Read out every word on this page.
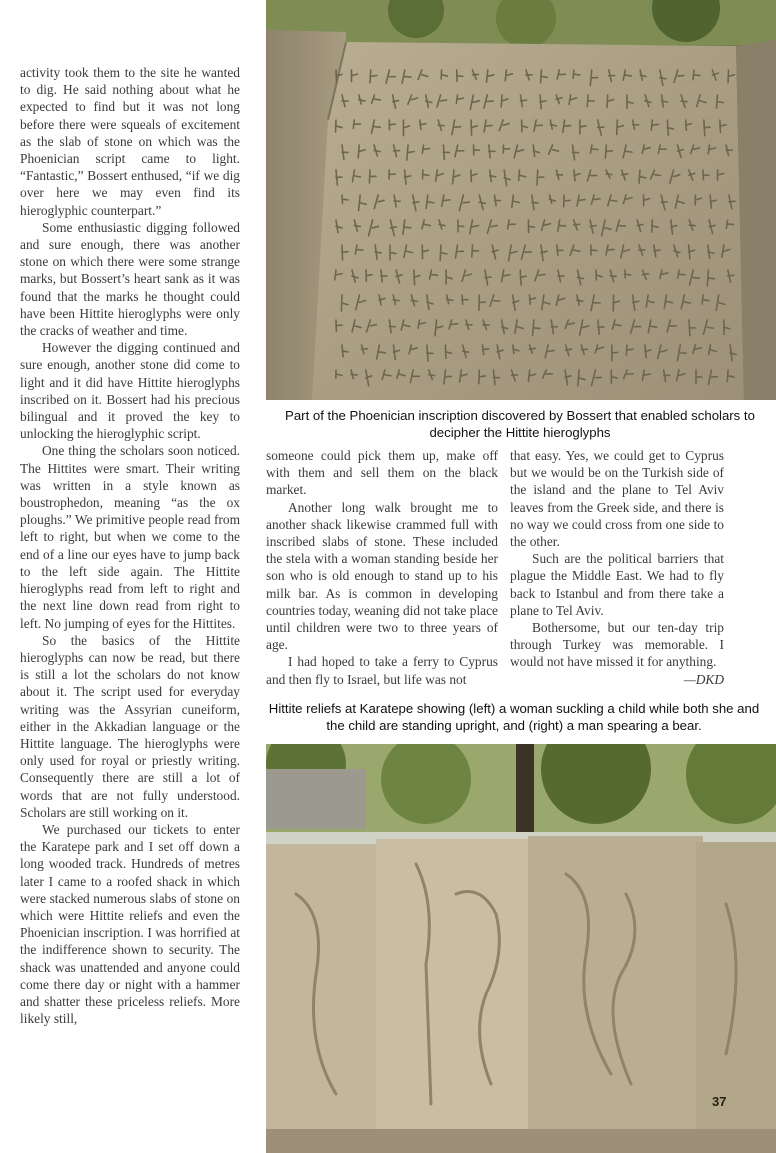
activity took them to the site he wanted to dig. He said nothing about what he expected to find but it was not long before there were squeals of excitement as the slab of stone on which was the Phoenician script came to light. “Fantastic,” Bossert enthused, “if we dig over here we may even find its hieroglyphic counterpart.”

Some enthusiastic digging followed and sure enough, there was another stone on which there were some strange marks, but Bossert’s heart sank as it was found that the marks he thought could have been Hittite hieroglyphs were only the cracks of weather and time.

However the digging continued and sure enough, another stone did come to light and it did have Hittite hieroglyphs inscribed on it. Bossert had his precious bilingual and it proved the key to unlocking the hieroglyphic script.

One thing the scholars soon noticed. The Hittites were smart. Their writing was written in a style known as boustrophedon, meaning “as the ox ploughs.” We primitive people read from left to right, but when we come to the end of a line our eyes have to jump back to the left side again. The Hittite hieroglyphs read from left to right and the next line down read from right to left. No jumping of eyes for the Hittites.

So the basics of the Hittite hieroglyphs can now be read, but there is still a lot the scholars do not know about it. The script used for everyday writing was the Assyrian cuneiform, either in the Akkadian language or the Hittite language. The hieroglyphs were only used for royal or priestly writing. Consequently there are still a lot of words that are not fully understood. Scholars are still working on it.

We purchased our tickets to enter the Karatepe park and I set off down a long wooded track. Hundreds of metres later I came to a roofed shack in which were stacked numerous slabs of stone on which were Hittite reliefs and even the Phoenician inscription. I was horrified at the indifference shown to security. The shack was unattended and anyone could come there day or night with a hammer and shatter these priceless reliefs. More likely still,

Part of the Phoenician inscription discovered by Bossert that enabled scholars to decipher the Hittite hieroglyphs

someone could pick them up, make off with them and sell them on the black market.

Another long walk brought me to another shack likewise crammed full with inscribed slabs of stone. These included the stela with a woman standing beside her son who is old enough to stand up to his milk bar. As is common in developing countries today, weaning did not take place until children were two to three years of age.

I had hoped to take a ferry to Cyprus and then fly to Israel, but life was not

that easy. Yes, we could get to Cyprus but we would be on the Turkish side of the island and the plane to Tel Aviv leaves from the Greek side, and there is no way we could cross from one side to the other.

Such are the political barriers that plague the Middle East. We had to fly back to Istanbul and from there take a plane to Tel Aviv.

Bothersome, but our ten-day trip through Turkey was memorable. I would not have missed it for anything.

—DKD
Hittite reliefs at Karatepe showing (left) a woman suckling a child while both she and the child are standing upright, and (right) a man spearing a bear.
37
